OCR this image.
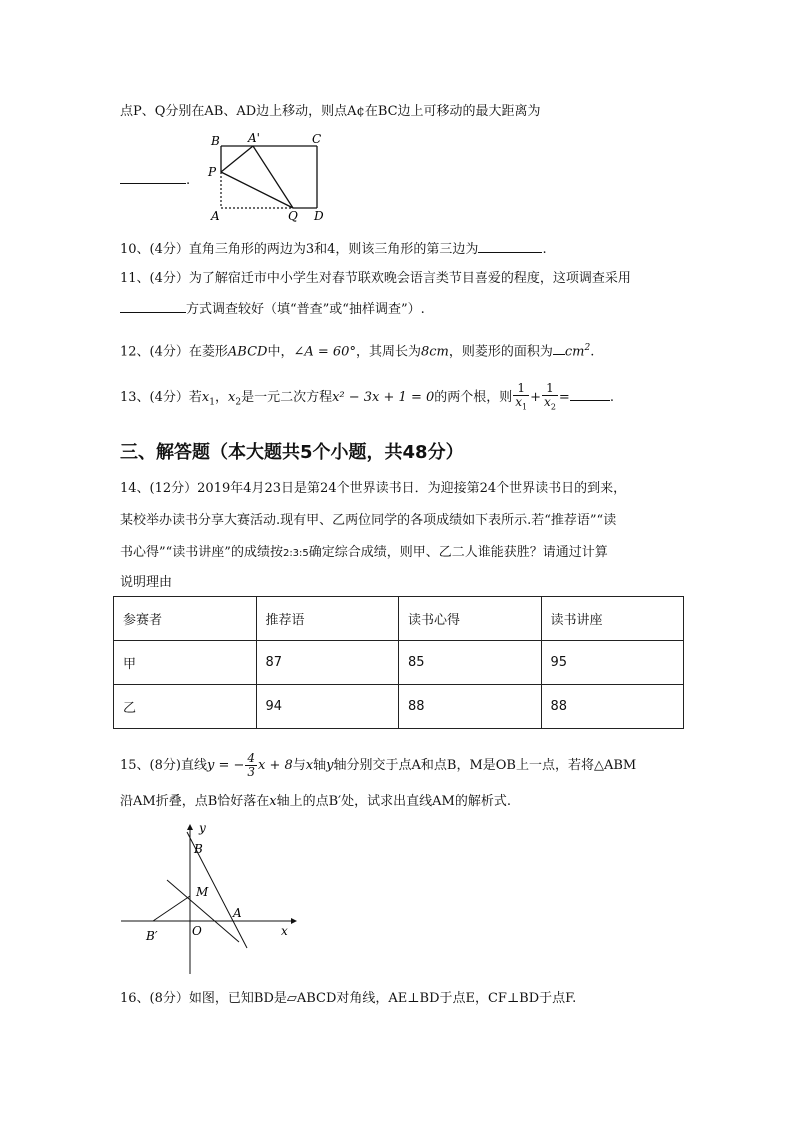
点P、Q分别在AB、AD边上移动，则点A¢在BC边上可移动的最大距离为
B A'	C
P
A	Q D
.
10、(4分）直角三角形的两边为3和4，则该三角形的第三边为	.
11、(4分）为了解宿迁市中小学生对春节联欢晚会语言类节目喜爱的程度，这项调查采用
方式调查较好（填“普查”或“抽样调查”）.
12、(4分）在菱形ABCD中，∠A = 60°，其周长为8cm，则菱形的面积为 $cm^2$.
13、(4分）若$x_1$，$x_2$是一元二次方程x² − 3x + 1 = 0的两个根，则 $\frac{1}{x_1} + \frac{1}{x_2}$ =	.
三、解答题（本大题共5个小题，共48分）
14、(12分）2019年4月23日是第24个世界读书日．为迎接第24个世界读书日的到来，
某校举办读书分享大赛活动.现有甲、乙两位同学的各项成绩如下表所示.若“推荐语”“读
书心得”“读书讲座”的成绩按2:3:5确定综合成绩，则甲、乙二人谁能获胜？请通过计算
说明理由
参赛者	推荐语	读书心得	读书讲座
甲	87	85	95
乙	94	88	88
15、(8分)直线y = − $\frac{4}{3}$ x + 8与x轴y轴分别交于点A和点B，M是OB上一点，若将△ABM
沿AM折叠，点B恰好落在x轴上的点B′处，试求出直线AM的解析式.
y
B
M
A
B′	O	x
16、(8分）如图，已知BD是▱ABCD对角线，AE⊥BD于点E，CF⊥BD于点F.
